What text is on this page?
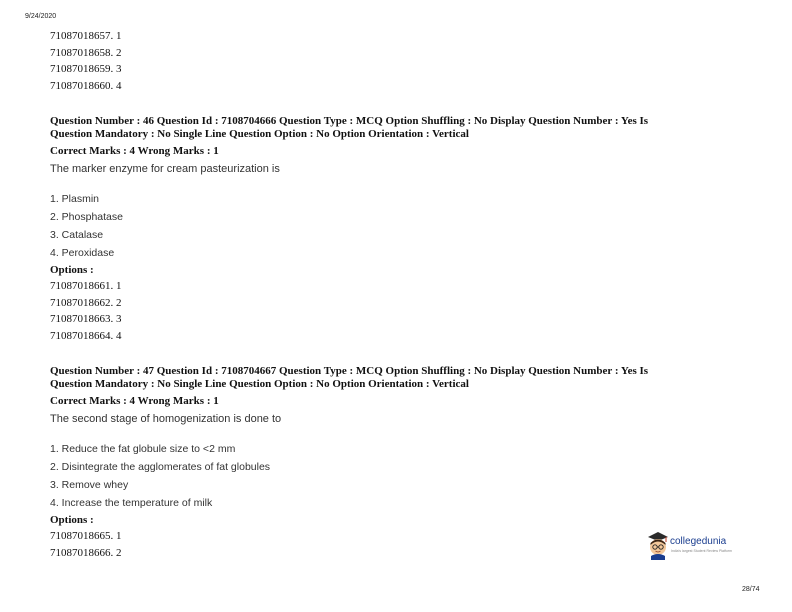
9/24/2020
71087018657. 1
71087018658. 2
71087018659. 3
71087018660. 4
Question Number : 46 Question Id : 7108704666 Question Type : MCQ Option Shuffling : No Display Question Number : Yes Is
Question Mandatory : No Single Line Question Option : No Option Orientation : Vertical
Correct Marks : 4 Wrong Marks : 1
The marker enzyme for cream pasteurization is
1. Plasmin
2. Phosphatase
3. Catalase
4. Peroxidase
Options :
71087018661. 1
71087018662. 2
71087018663. 3
71087018664. 4
Question Number : 47 Question Id : 7108704667 Question Type : MCQ Option Shuffling : No Display Question Number : Yes Is
Question Mandatory : No Single Line Question Option : No Option Orientation : Vertical
Correct Marks : 4 Wrong Marks : 1
The second stage of homogenization is done to
1. Reduce the fat globule size to <2 mm
2. Disintegrate the agglomerates of fat globules
3. Remove whey
4. Increase the temperature of milk
Options :
71087018665. 1
71087018666. 2
collegedunia
India's largest Student Review Platform
28/74
